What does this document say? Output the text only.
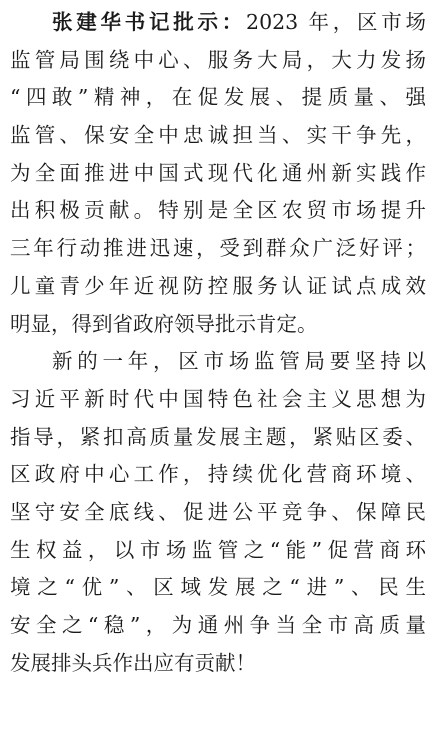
张建华书记批示：2023 年，区市场
监管局围绕中心、服务大局，大力发扬
“四敢”精神，在促发展、提质量、强
监管、保安全中忠诚担当、实干争先，
为全面推进中国式现代化通州新实践作
出积极贡献。特别是全区农贸市场提升
三年行动推进迅速，受到群众广泛好评；
儿童青少年近视防控服务认证试点成效
明显，得到省政府领导批示肯定。
新的一年，区市场监管局要坚持以
习近平新时代中国特色社会主义思想为
指导，紧扣高质量发展主题，紧贴区委、
区政府中心工作，持续优化营商环境、
坚守安全底线、促进公平竞争、保障民
生权益，以市场监管之“能”促营商环
境之“优”、区域发展之“进”、民生
安全之“稳”，为通州争当全市高质量
发展排头兵作出应有贡献！
